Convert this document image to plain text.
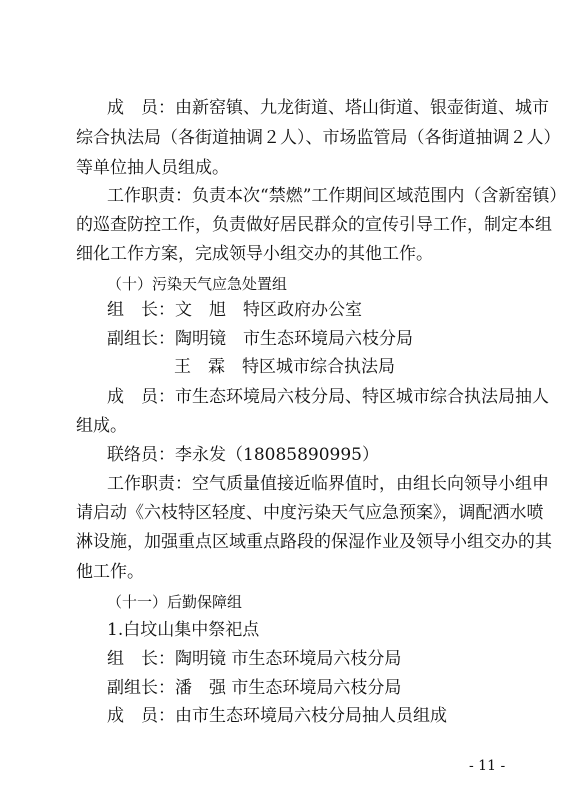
成　员：由新窑镇、九龙街道、塔山街道、银壶街道、城市
综合执法局（各街道抽调２人）、市场监管局（各街道抽调２人）
等单位抽人员组成。
工作职责：负责本次“禁燃”工作期间区域范围内（含新窑镇）
的巡查防控工作，负责做好居民群众的宣传引导工作，制定本组
细化工作方案，完成领导小组交办的其他工作。
（十）污染天气应急处置组
组　长：文　旭　特区政府办公室
副组长：陶明镜　市生态环境局六枝分局
王　霖　特区城市综合执法局
成　员：市生态环境局六枝分局、特区城市综合执法局抽人
组成。
联络员：李永发（18085890995）
工作职责：空气质量值接近临界值时，由组长向领导小组申
请启动《六枝特区轻度、中度污染天气应急预案》，调配洒水喷
淋设施，加强重点区域重点路段的保湿作业及领导小组交办的其
他工作。
（十一）后勤保障组
1.白坟山集中祭祀点
组　长：陶明镜 市生态环境局六枝分局
副组长：潘　强 市生态环境局六枝分局
成　员：由市生态环境局六枝分局抽人员组成
- 11 -
